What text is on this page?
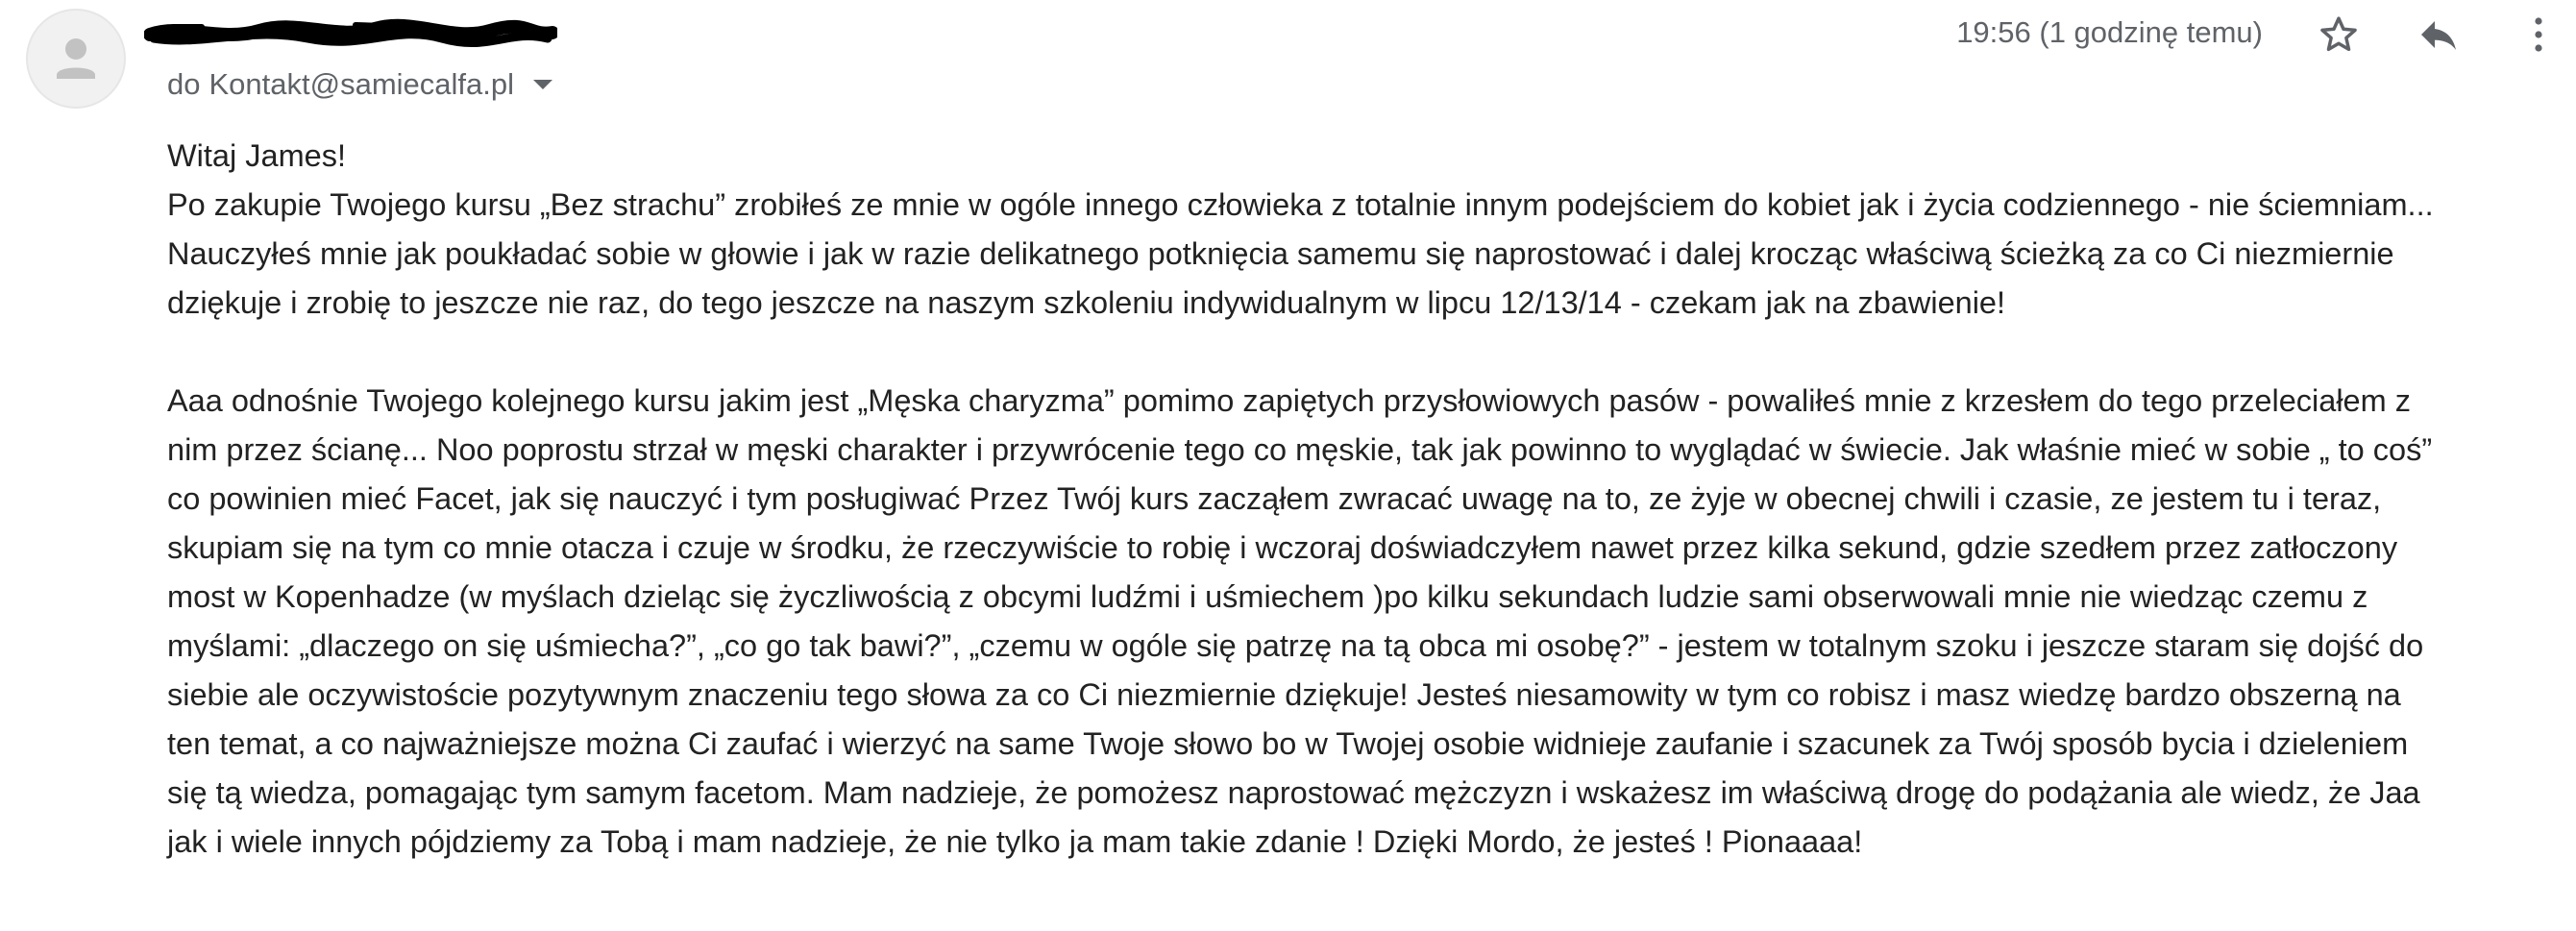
do Kontakt@samiecalfa.pl
19:56 (1 godzinę temu)

Witaj James!

Po zakupie Twojego kursu „Bez strachu” zrobiłeś ze mnie w ogóle innego człowieka z totalnie innym podejściem do kobiet jak i życia codziennego - nie ściemniam...

Nauczyłeś mnie jak poukładać sobie w głowie i jak w razie delikatnego potknięcia samemu się naprostować i dalej krocząc właściwą ścieżką za co Ci niezmiernie

dziękuje i zrobię to jeszcze nie raz, do tego jeszcze na naszym szkoleniu indywidualnym w lipcu 12/13/14 - czekam jak na zbawienie!

Aaa odnośnie Twojego kolejnego kursu jakim jest „Męska charyzma” pomimo zapiętych przysłowiowych pasów - powaliłeś mnie z krzesłem do tego przeleciałem z

nim przez ścianę... Noo poprostu strzał w męski charakter i przywrócenie tego co męskie, tak jak powinno to wyglądać w świecie. Jak właśnie mieć w sobie „ to coś”

co powinien mieć Facet, jak się nauczyć i tym posługiwać Przez Twój kurs zacząłem zwracać uwagę na to, ze żyje w obecnej chwili i czasie, ze jestem tu i teraz,

skupiam się na tym co mnie otacza i czuje w środku, że rzeczywiście to robię i wczoraj doświadczyłem nawet przez kilka sekund, gdzie szedłem przez zatłoczony

most w Kopenhadze (w myślach dzieląc się życzliwością z obcymi ludźmi i uśmiechem )po kilku sekundach ludzie sami obserwowali mnie nie wiedząc czemu z

myślami: „dlaczego on się uśmiecha?”, „co go tak bawi?”, „czemu w ogóle się patrzę na tą obca mi osobę?” - jestem w totalnym szoku i jeszcze staram się dojść do

siebie ale oczywistoście pozytywnym znaczeniu tego słowa za co Ci niezmiernie dziękuje! Jesteś niesamowity w tym co robisz i masz wiedzę bardzo obszerną na

ten temat, a co najważniejsze można Ci zaufać i wierzyć na same Twoje słowo bo w Twojej osobie widnieje zaufanie i szacunek za Twój sposób bycia i dzieleniem

się tą wiedza, pomagając tym samym facetom. Mam nadzieje, że pomożesz naprostować mężczyzn i wskażesz im właściwą drogę do podążania ale wiedz, że Jaa

jak i wiele innych pójdziemy za Tobą i mam nadzieje, że nie tylko ja mam takie zdanie ! Dzięki Mordo, że jesteś ! Pionaaaa!
